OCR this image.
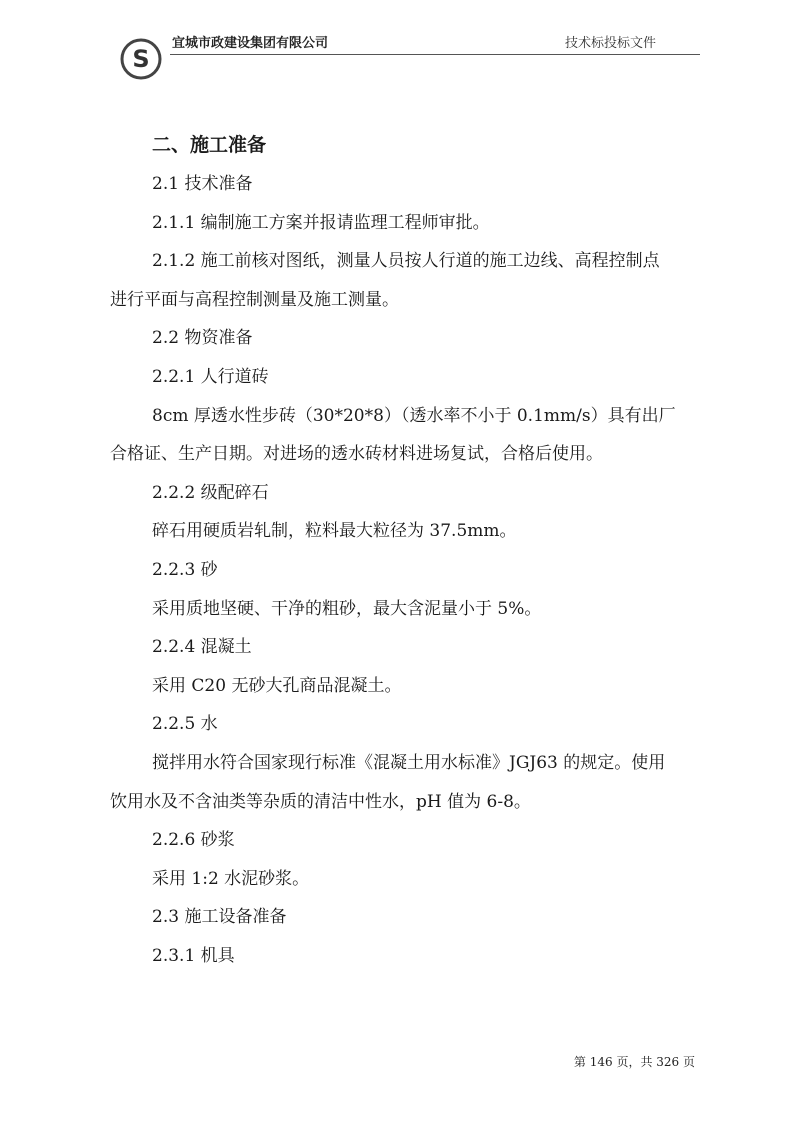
S
宜城市政建设集团有限公司	技术标投标文件

二、施工准备

2.1 技术准备

2.1.1 编制施工方案并报请监理工程师审批。

2.1.2 施工前核对图纸，测量人员按人行道的施工边线、高程控制点
进行平面与高程控制测量及施工测量。

2.2 物资准备

2.2.1 人行道砖

8cm 厚透水性步砖（30*20*8）（透水率不小于 0.1mm/s）具有出厂
合格证、生产日期。对进场的透水砖材料进场复试，合格后使用。

2.2.2 级配碎石

碎石用硬质岩轧制，粒料最大粒径为 37.5mm。

2.2.3 砂

采用质地坚硬、干净的粗砂，最大含泥量小于 5%。

2.2.4 混凝土

采用 C20 无砂大孔商品混凝土。

2.2.5 水

搅拌用水符合国家现行标准《混凝土用水标准》JGJ63 的规定。使用
饮用水及不含油类等杂质的清洁中性水，pH 值为 6-8。

2.2.6 砂浆

采用 1:2 水泥砂浆。

2.3 施工设备准备

2.3.1 机具

第 146 页，共 326 页
